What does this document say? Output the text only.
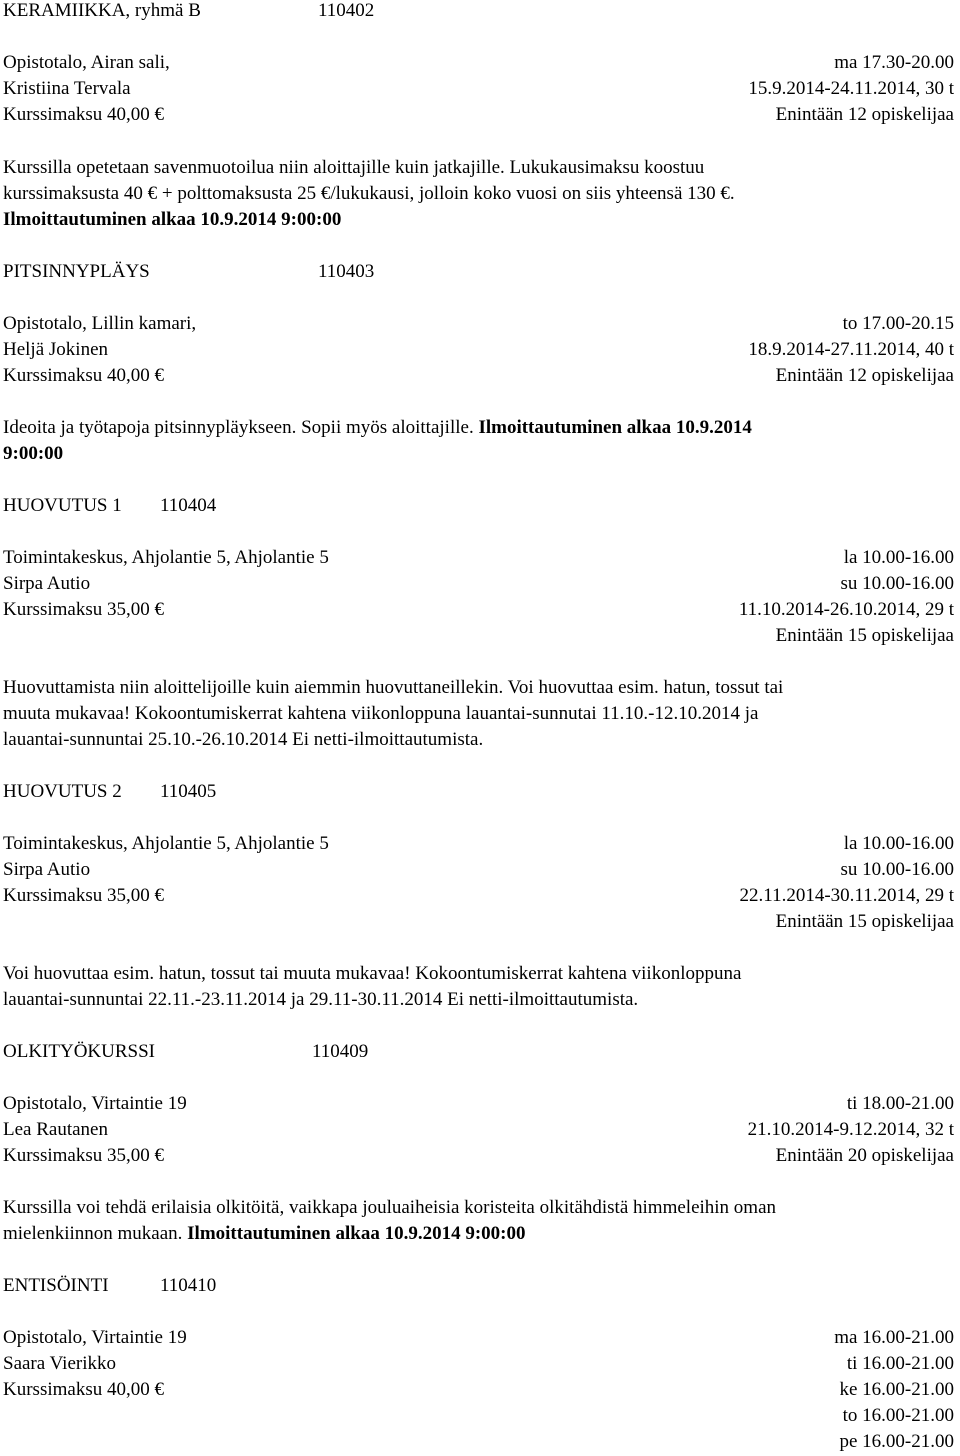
KERAMIIKKA, ryhmä B	110402
Opistotalo, Airan sali,	ma 17.30-20.00
Kristiina Tervala	15.9.2014-24.11.2014, 30 t
Kurssimaksu 40,00 €	Enintään 12 opiskelijaa
Kurssilla opetetaan savenmuotoilua niin aloittajille kuin jatkajille. Lukukausimaksu koostuu
kurssimaksusta 40 € + polttomaksusta 25 €/lukukausi, jolloin koko vuosi on siis yhteensä 130 €.
Ilmoittautuminen alkaa 10.9.2014 9:00:00
PITSINNYPLÄYS	110403
Opistotalo, Lillin kamari,	to 17.00-20.15
Heljä Jokinen	18.9.2014-27.11.2014, 40 t
Kurssimaksu 40,00 €	Enintään 12 opiskelijaa
Ideoita ja työtapoja pitsinnypläykseen. Sopii myös aloittajille. Ilmoittautuminen alkaa 10.9.2014
9:00:00
HUOVUTUS 1 110404
Toimintakeskus, Ahjolantie 5, Ahjolantie 5	la 10.00-16.00
Sirpa Autio	su 10.00-16.00
Kurssimaksu 35,00 €	11.10.2014-26.10.2014, 29 t
Enintään 15 opiskelijaa
Huovuttamista niin aloittelijoille kuin aiemmin huovuttaneillekin. Voi huovuttaa esim. hatun, tossut tai
muuta mukavaa! Kokoontumiskerrat kahtena viikonloppuna lauantai-sunnutai 11.10.-12.10.2014 ja
lauantai-sunnuntai 25.10.-26.10.2014 Ei netti-ilmoittautumista.
HUOVUTUS 2 110405
Toimintakeskus, Ahjolantie 5, Ahjolantie 5	la 10.00-16.00
Sirpa Autio	su 10.00-16.00
Kurssimaksu 35,00 €	22.11.2014-30.11.2014, 29 t
Enintään 15 opiskelijaa
Voi huovuttaa esim. hatun, tossut tai muuta mukavaa! Kokoontumiskerrat kahtena viikonloppuna
lauantai-sunnuntai 22.11.-23.11.2014 ja 29.11-30.11.2014 Ei netti-ilmoittautumista.
OLKITYÖKURSSI	110409
Opistotalo, Virtaintie 19	ti 18.00-21.00
Lea Rautanen	21.10.2014-9.12.2014, 32 t
Kurssimaksu 35,00 €	Enintään 20 opiskelijaa
Kurssilla voi tehdä erilaisia olkitöitä, vaikkapa jouluaiheisia koristeita olkitähdistä himmeleihin oman
mielenkiinnon mukaan. Ilmoittautuminen alkaa 10.9.2014 9:00:00
ENTISÖINTI	110410
Opistotalo, Virtaintie 19	ma 16.00-21.00
Saara Vierikko	ti 16.00-21.00
Kurssimaksu 40,00 €	ke 16.00-21.00
to 16.00-21.00
pe 16.00-21.00
